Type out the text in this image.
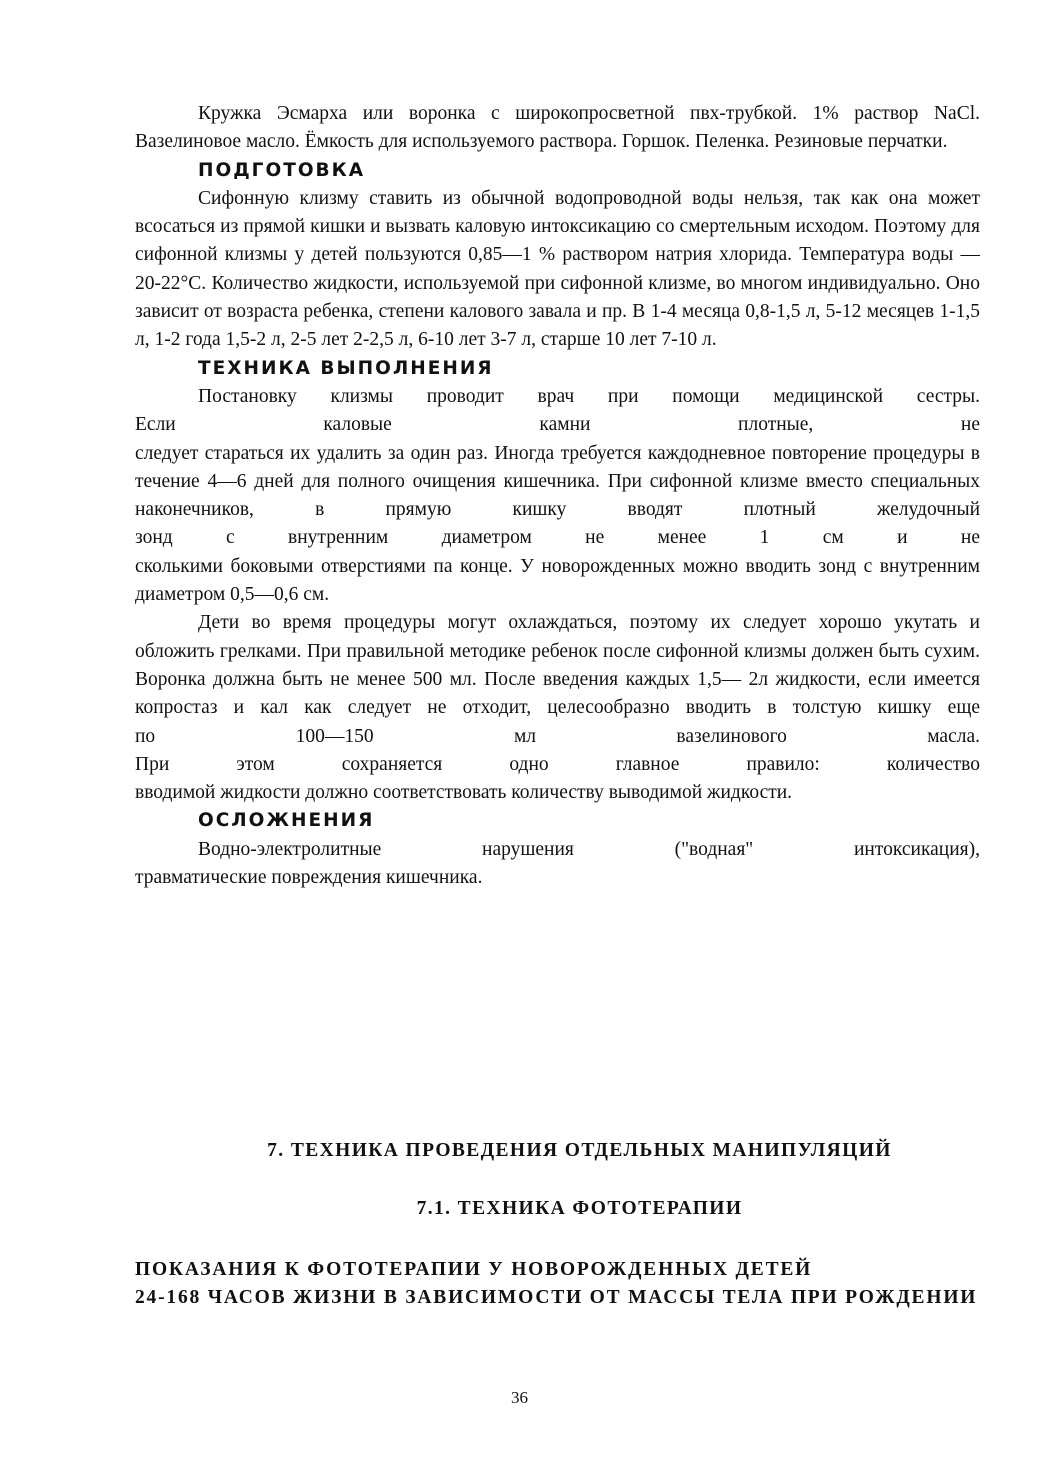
Кружка Эсмарха или воронка с широкопросветной пвх-трубкой. 1% раствор NaCl. Вазелиновое масло. Ёмкость для используемого раствора. Горшок. Пеленка. Резиновые перчатки.

ПОДГОТОВКА

Сифонную клизму ставить из обычной водопроводной воды нельзя, так как она может всосаться из прямой кишки и вызвать каловую интоксикацию со смертельным исходом. Поэтому для сифонной клизмы у детей пользуются 0,85—1 % раствором натрия хлорида. Температура воды — 20-22°С. Количество жидкости, используемой при сифонной клизме, во многом индивидуально. Оно зависит от возраста ребенка, степени калового завала и пр. В 1-4 месяца 0,8-1,5 л, 5-12 месяцев 1-1,5 л, 1-2 года 1,5-2 л, 2-5 лет 2-2,5 л, 6-10 лет 3-7 л, старше 10 лет 7-10 л.

ТЕХНИКА ВЫПОЛНЕНИЯ

Постановку клизмы проводит врач при помощи медицинской сестры.

Если каловые камни плотные, не

следует стараться их удалить за один раз. Иногда требуется каждодневное повторение процедуры в течение 4—6 дней для полного очищения кишечника. При сифонной клизме вместо специальных наконечников, в прямую кишку вводят плотный желудочный

зонд с внутренним диаметром не менее 1 см и не

сколькими боковыми отверстиями па конце. У новорожденных можно вводить зонд с внутренним диаметром 0,5—0,6 см.

Дети во время процедуры могут охлаждаться, поэтому их следует хорошо укутать и обложить грелками. При правильной методике ребенок после сифонной клизмы должен быть сухим. Воронка должна быть не менее 500 мл. После введения каждых 1,5— 2л жидкости, если имеется копростаз и кал как следует не отходит, целесообразно вводить в толстую кишку еще

по 100—150 мл вазелинового масла.

При этом сохраняется одно главное правило: количество

вводимой жидкости должно соответствовать количеству выводимой жидкости.

ОСЛОЖНЕНИЯ

Водно-электролитные нарушения ("водная" интоксикация),

травматические повреждения кишечника.

7. ТЕХНИКА ПРОВЕДЕНИЯ ОТДЕЛЬНЫХ МАНИПУЛЯЦИЙ
7.1. ТЕХНИКА ФОТОТЕРАПИИ
ПОКАЗАНИЯ К ФОТОТЕРАПИИ У НОВОРОЖДЕННЫХ ДЕТЕЙ
24-168 ЧАСОВ ЖИЗНИ В ЗАВИСИМОСТИ ОТ МАССЫ ТЕЛА ПРИ РОЖДЕНИИ
36
